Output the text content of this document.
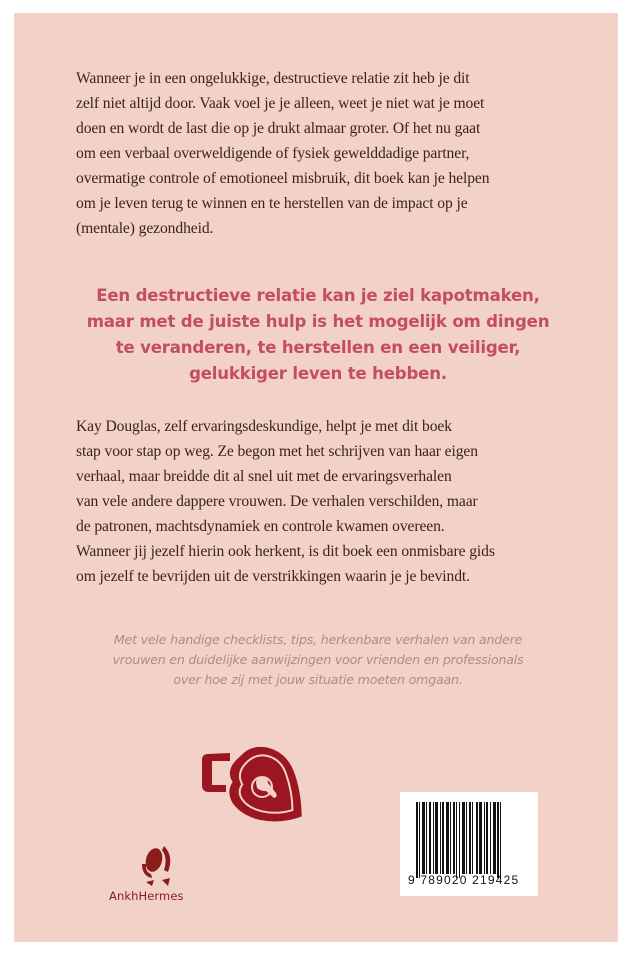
Wanneer je in een ongelukkige, destructieve relatie zit heb je dit
zelf niet altijd door. Vaak voel je je alleen, weet je niet wat je moet
doen en wordt de last die op je drukt almaar groter. Of het nu gaat
om een verbaal overweldigende of fysiek gewelddadige partner,
overmatige controle of emotioneel misbruik, dit boek kan je helpen
om je leven terug te winnen en te herstellen van de impact op je
(mentale) gezondheid.
Een destructieve relatie kan je ziel kapotmaken,
maar met de juiste hulp is het mogelijk om dingen
te veranderen, te herstellen en een veiliger,
gelukkiger leven te hebben.
Kay Douglas, zelf ervaringsdeskundige, helpt je met dit boek
stap voor stap op weg. Ze begon met het schrijven van haar eigen
verhaal, maar breidde dit al snel uit met de ervaringsverhalen
van vele andere dappere vrouwen. De verhalen verschilden, maar
de patronen, machtsdynamiek en controle kwamen overeen.
Wanneer jij jezelf hierin ook herkent, is dit boek een onmisbare gids
om jezelf te bevrijden uit de verstrikkingen waarin je je bevindt.
Met vele handige checklists, tips, herkenbare verhalen van andere
vrouwen en duidelijke aanwijzingen voor vrienden en professionals
over hoe zij met jouw situatie moeten omgaan.
9 789020 219425
AnkhHermes
